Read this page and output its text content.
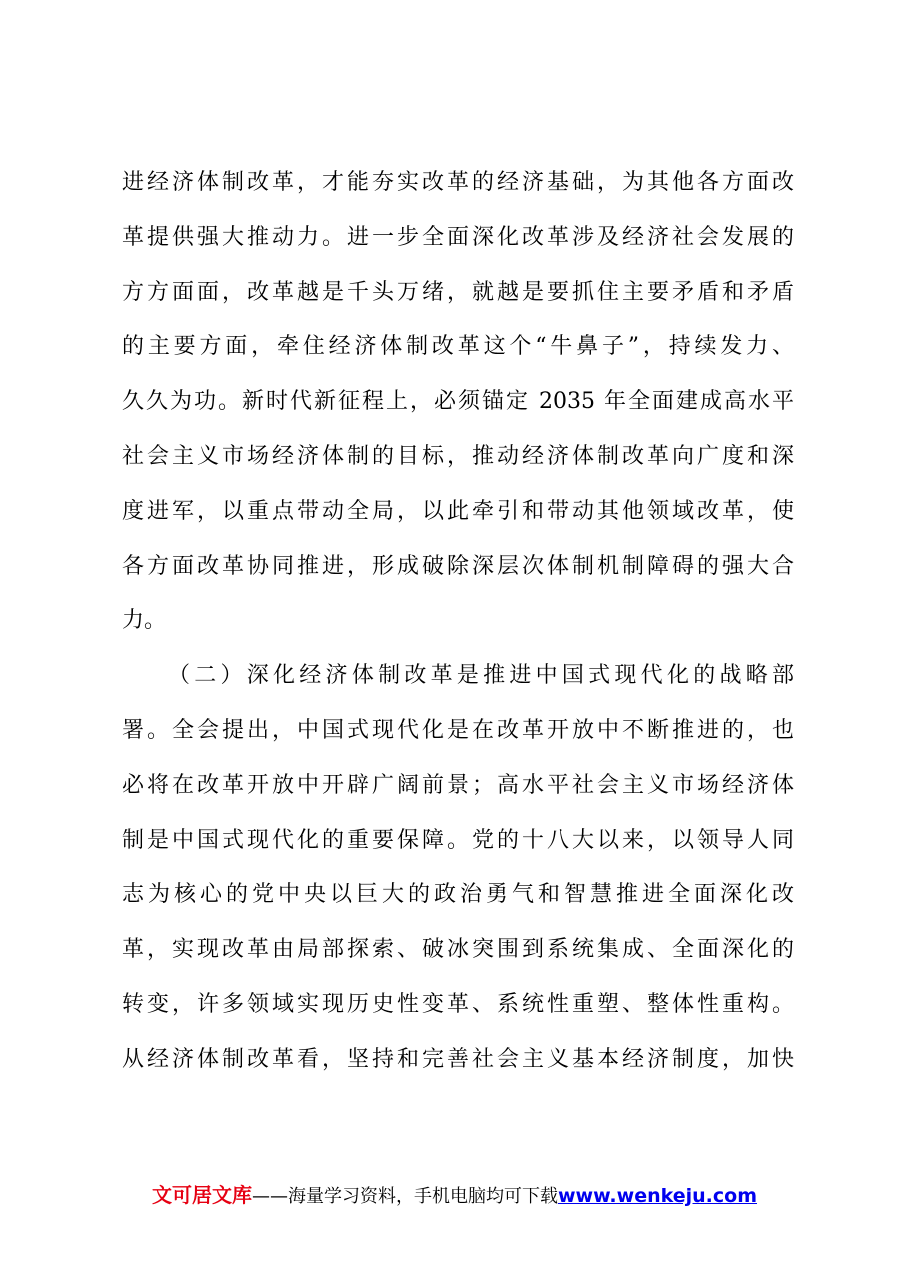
进经济体制改革，才能夯实改革的经济基础，为其他各方面改
革提供强大推动力。进一步全面深化改革涉及经济社会发展的
方方面面，改革越是千头万绪，就越是要抓住主要矛盾和矛盾
的主要方面，牵住经济体制改革这个“牛鼻子”，持续发力、
久久为功。新时代新征程上，必须锚定 2035 年全面建成高水平
社会主义市场经济体制的目标，推动经济体制改革向广度和深
度进军，以重点带动全局，以此牵引和带动其他领域改革，使
各方面改革协同推进，形成破除深层次体制机制障碍的强大合
力。

（二）深化经济体制改革是推进中国式现代化的战略部
署。全会提出，中国式现代化是在改革开放中不断推进的，也
必将在改革开放中开辟广阔前景；高水平社会主义市场经济体
制是中国式现代化的重要保障。党的十八大以来，以领导人同
志为核心的党中央以巨大的政治勇气和智慧推进全面深化改
革，实现改革由局部探索、破冰突围到系统集成、全面深化的
转变，许多领域实现历史性变革、系统性重塑、整体性重构。
从经济体制改革看，坚持和完善社会主义基本经济制度，加快

文可居文库——海量学习资料，手机电脑均可下载www.wenkeju.com
